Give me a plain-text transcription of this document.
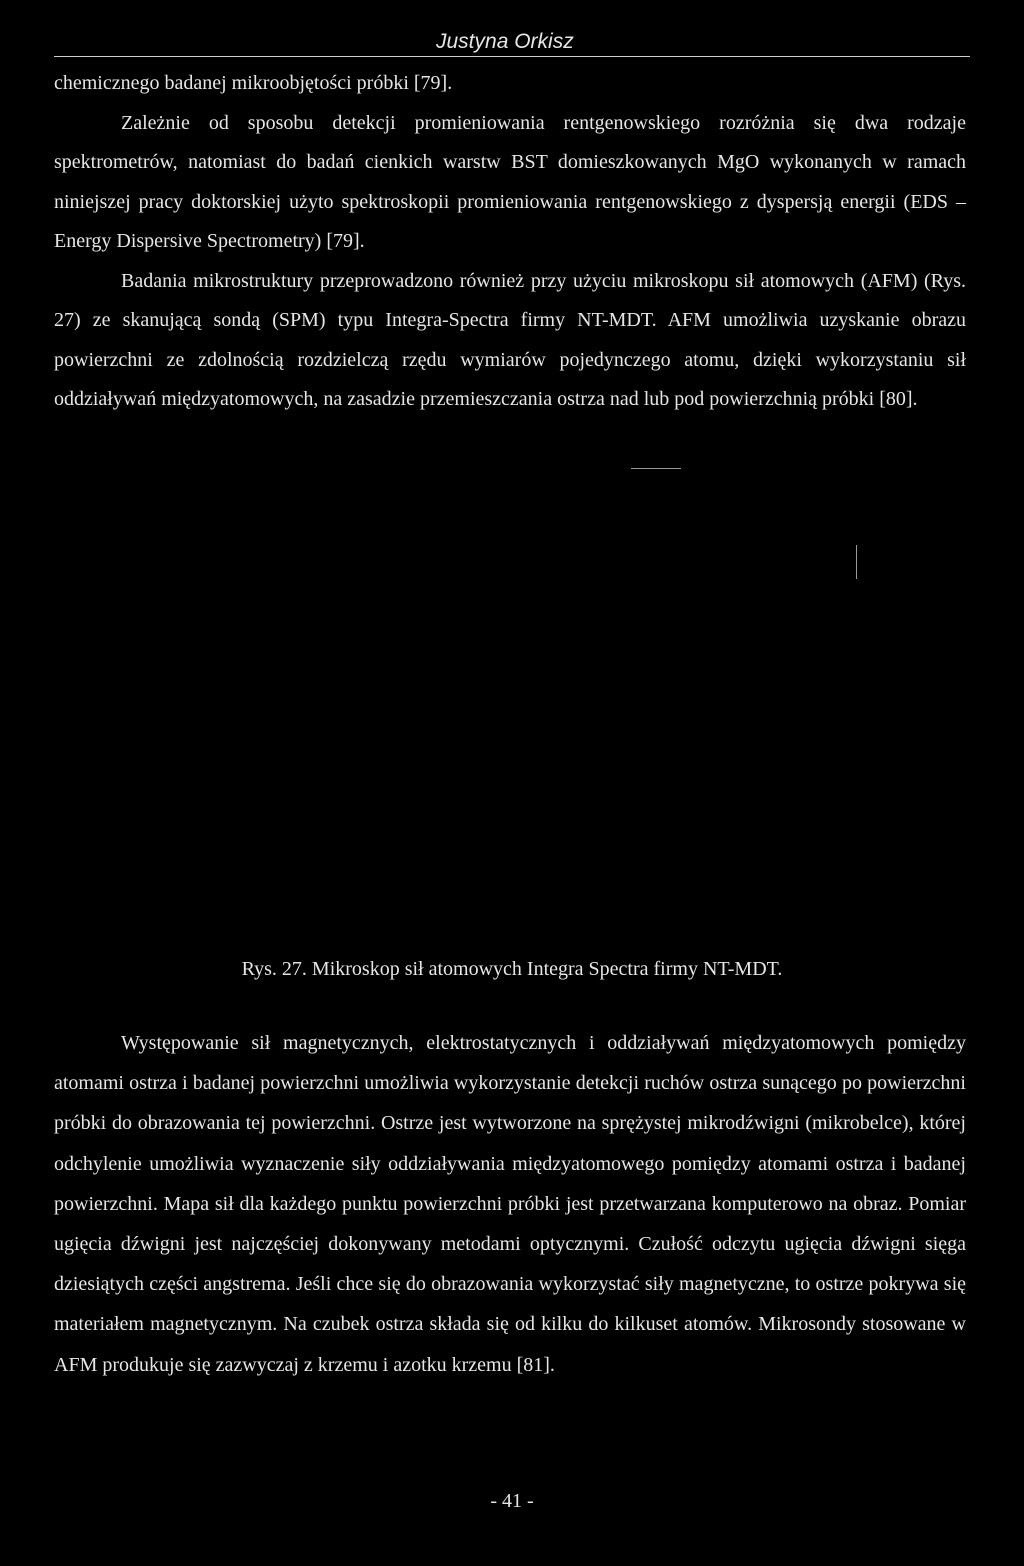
Justyna Orkisz

chemicznego badanej mikroobjętości próbki [79].

Zależnie od sposobu detekcji promieniowania rentgenowskiego rozróżnia się dwa rodzaje spektrometrów, natomiast do badań cienkich warstw BST domieszkowanych MgO wykonanych w ramach niniejszej pracy doktorskiej użyto spektroskopii promieniowania rentgenowskiego z dyspersją energii (EDS – Energy Dispersive Spectrometry) [79].

Badania mikrostruktury przeprowadzono również przy użyciu mikroskopu sił atomowych (AFM) (Rys. 27) ze skanującą sondą (SPM) typu Integra-Spectra firmy NT-MDT. AFM umożliwia uzyskanie obrazu powierzchni ze zdolnością rozdzielczą rzędu wymiarów pojedynczego atomu, dzięki wykorzystaniu sił oddziaływań międzyatomowych, na zasadzie przemieszczania ostrza nad lub pod powierzchnią próbki [80].

Rys. 27. Mikroskop sił atomowych Integra Spectra firmy NT-MDT.

Występowanie sił magnetycznych, elektrostatycznych i oddziaływań międzyatomowych pomiędzy atomami ostrza i badanej powierzchni umożliwia wykorzystanie detekcji ruchów ostrza sunącego po powierzchni próbki do obrazowania tej powierzchni. Ostrze jest wytworzone na sprężystej mikrodźwigni (mikrobelce), której odchylenie umożliwia wyznaczenie siły oddziaływania międzyatomowego pomiędzy atomami ostrza i badanej powierzchni. Mapa sił dla każdego punktu powierzchni próbki jest przetwarzana komputerowo na obraz. Pomiar ugięcia dźwigni jest najczęściej dokonywany metodami optycznymi. Czułość odczytu ugięcia dźwigni sięga dziesiątych części angstrema. Jeśli chce się do obrazowania wykorzystać siły magnetyczne, to ostrze pokrywa się materiałem magnetycznym. Na czubek ostrza składa się od kilku do kilkuset atomów. Mikrosondy stosowane w AFM produkuje się zazwyczaj z krzemu i azotku krzemu [81].

- 41 -
